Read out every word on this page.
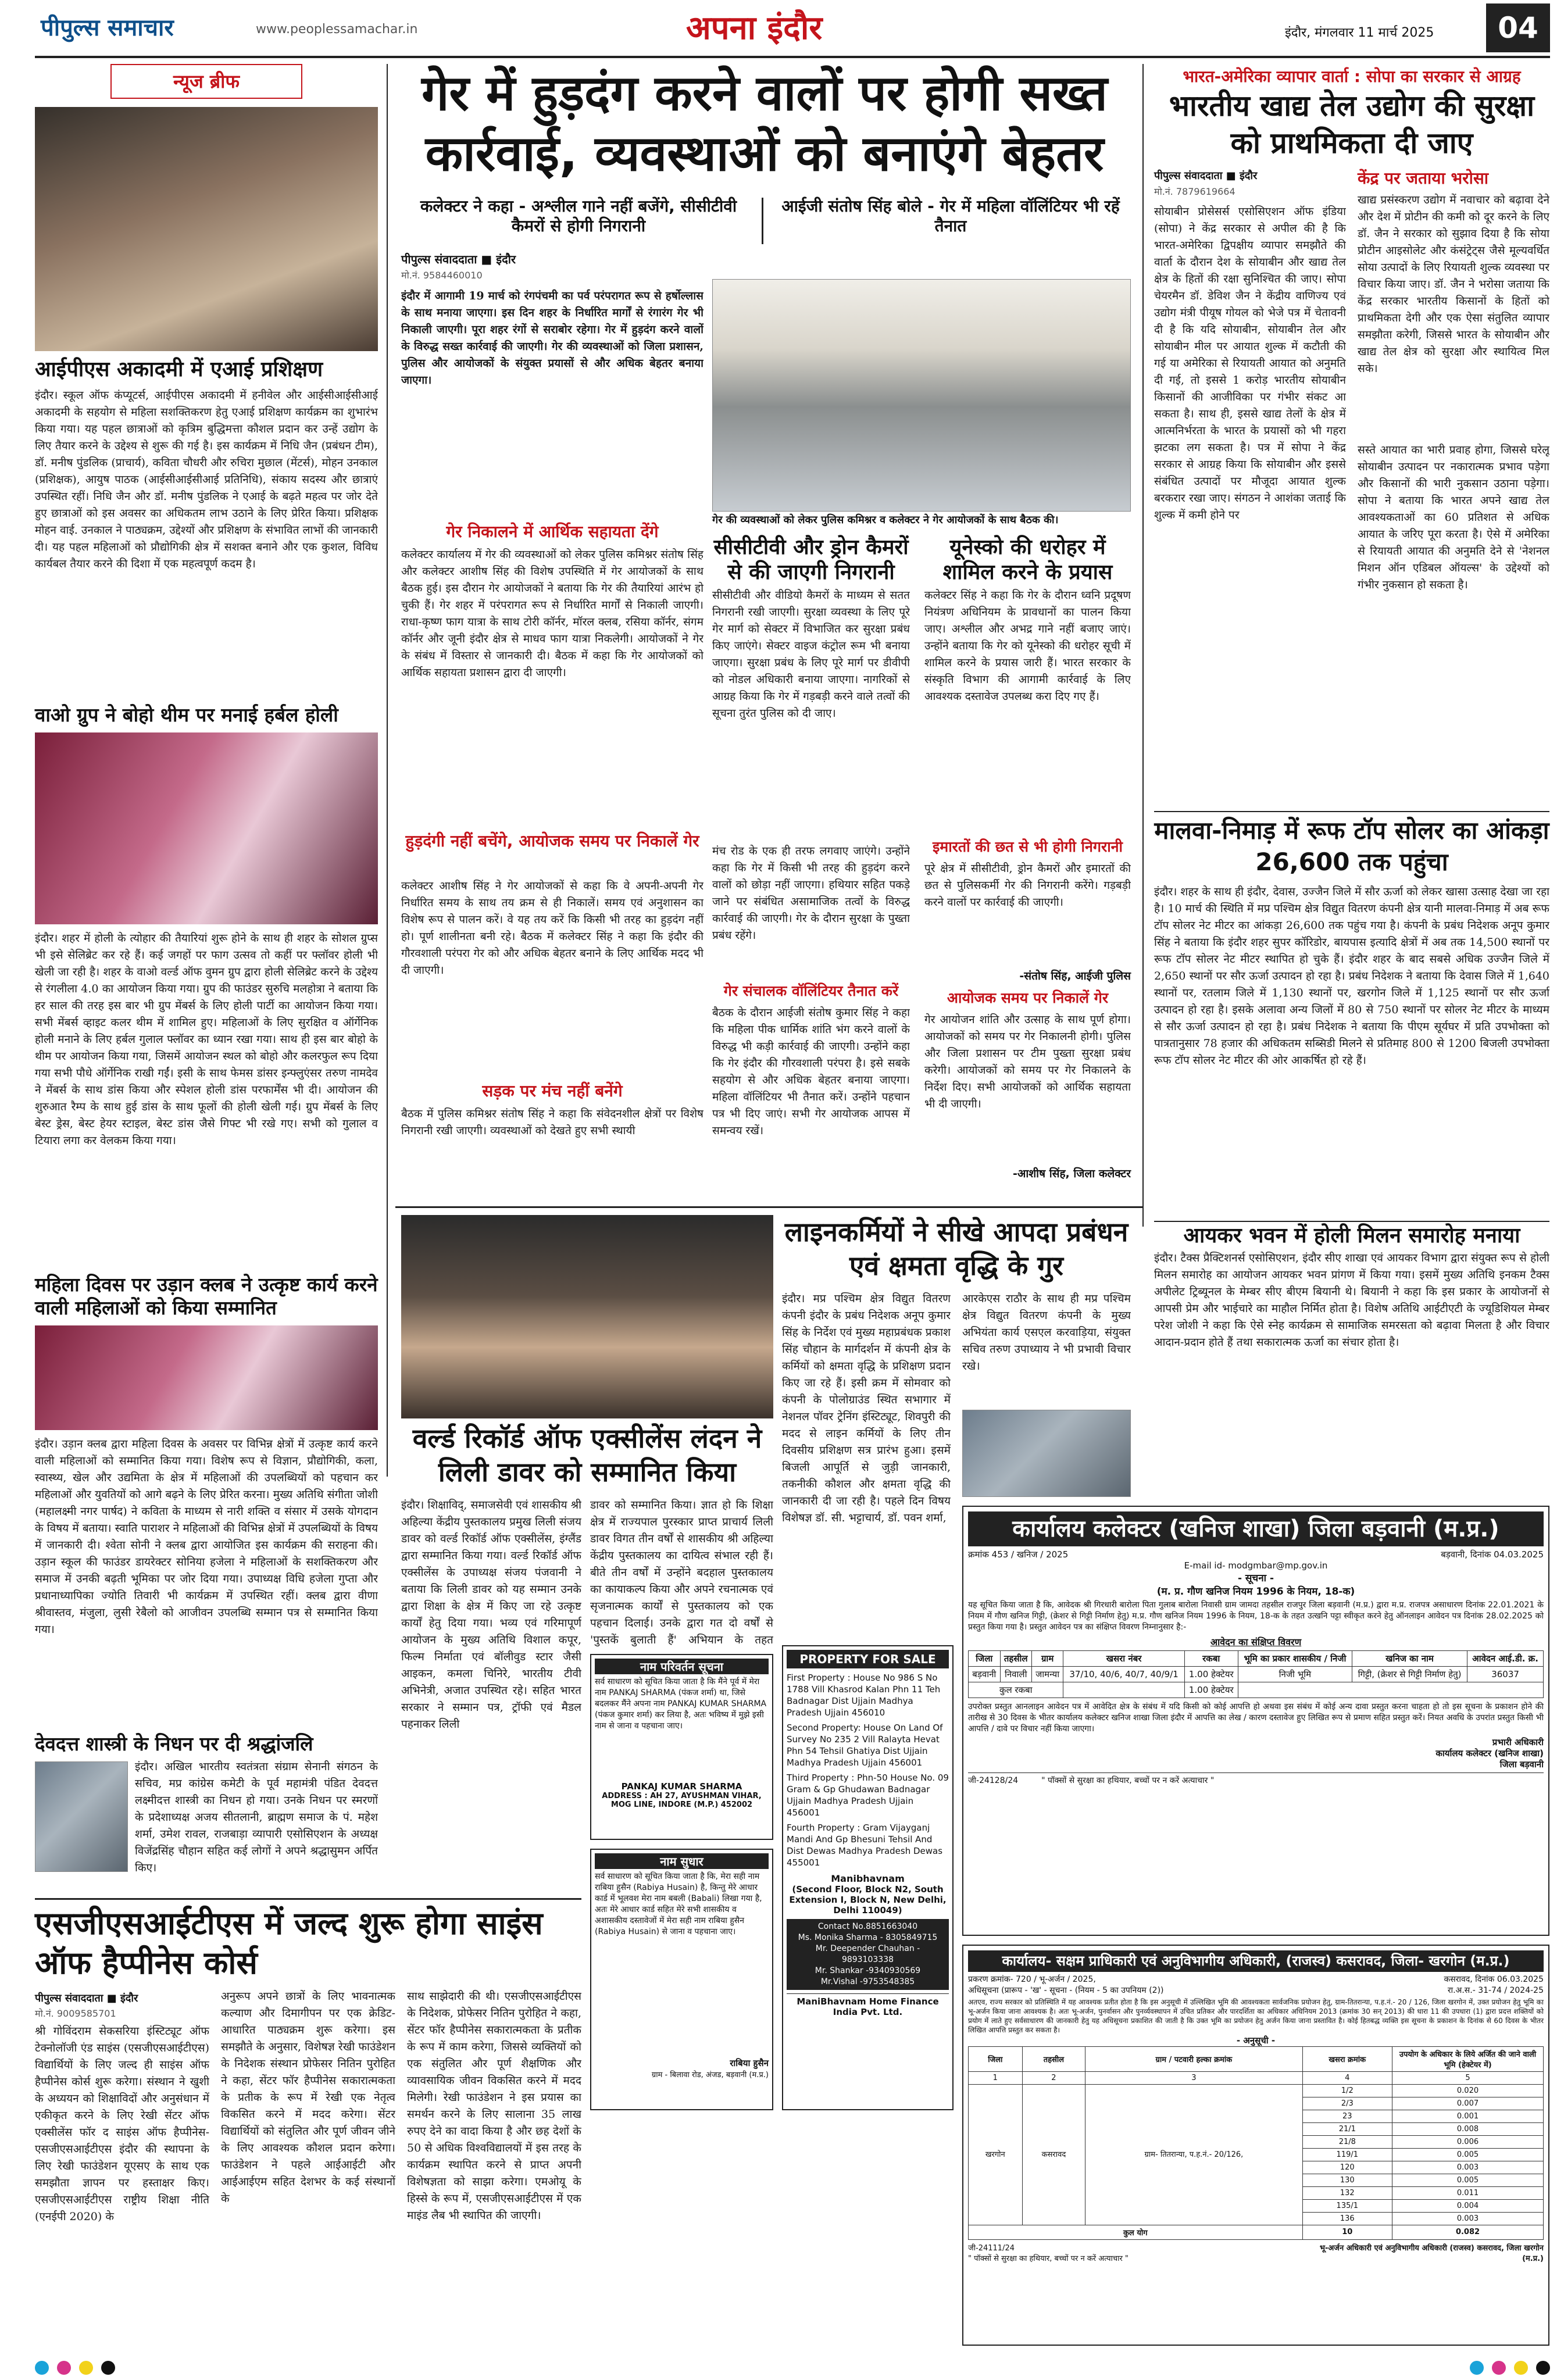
पीपुल्स समाचार	www.peoplessamachar.in	अपना इंदौर	इंदौर, मंगलवार 11 मार्च 2025	04
न्यूज ब्रीफ
आईपीएस अकादमी में एआई प्रशिक्षण
इंदौर। स्कूल ऑफ कंप्यूटर्स, आईपीएस अकादमी में हनीवेल और आईसीआईसीआई अकादमी के सहयोग से महिला सशक्तिकरण हेतु एआई प्रशिक्षण कार्यक्रम का शुभारंभ किया गया। यह पहल छात्राओं को कृत्रिम बुद्धिमत्ता कौशल प्रदान कर उन्हें उद्योग के लिए तैयार करने के उद्देश्य से शुरू की गई है। इस कार्यक्रम में निधि जैन (प्रबंधन टीम), डॉ. मनीष पुंडलिक (प्राचार्य), कविता चौधरी और रुचिरा मुछाल (मेंटर्स), मोहन उनकाल (प्रशिक्षक), आयुष पाठक (आईसीआईसीआई प्रतिनिधि), संकाय सदस्य और छात्राएं उपस्थित रहीं। निधि जैन और डॉ. मनीष पुंडलिक ने एआई के बढ़ते महत्व पर जोर देते हुए छात्राओं को इस अवसर का अधिकतम लाभ उठाने के लिए प्रेरित किया। प्रशिक्षक मोहन वाई. उनकाल ने पाठ्यक्रम, उद्देश्यों और प्रशिक्षण के संभावित लाभों की जानकारी दी। यह पहल महिलाओं को प्रौद्योगिकी क्षेत्र में सशक्त बनाने और एक कुशल, विविध कार्यबल तैयार करने की दिशा में एक महत्वपूर्ण कदम है।
वाओ ग्रुप ने बोहो थीम पर मनाई हर्बल होली
इंदौर। शहर में होली के त्योहार की तैयारियां शुरू होने के साथ ही शहर के सोशल ग्रुप्स भी इसे सेलिब्रेट कर रहे हैं। कई जगहों पर फाग उत्सव तो कहीं पर फ्लॉवर होली भी खेली जा रही है। शहर के वाओ वर्ल्ड ऑफ वुमन ग्रुप द्वारा होली सेलिब्रेट करने के उद्देश्य से रंगलीला 4.0 का आयोजन किया गया। ग्रुप की फाउंडर सुरुचि मलहोत्रा ने बताया कि हर साल की तरह इस बार भी ग्रुप मेंबर्स के लिए होली पार्टी का आयोजन किया गया। सभी मेंबर्स व्हाइट कलर थीम में शामिल हुए। महिलाओं के लिए सुरक्षित व ऑर्गेनिक होली मनाने के लिए हर्बल गुलाल फ्लॉवर का ध्यान रखा गया। साथ ही इस बार बोहो के थीम पर आयोजन किया गया, जिसमें आयोजन स्थल को बोहो और कलरफुल रूप दिया गया सभी पौधे ऑर्गेनिक राखी गईं। इसी के साथ फेमस डांसर इन्फ्लुएंसर तरुण नामदेव ने मेंबर्स के साथ डांस किया और स्पेशल होली डांस परफार्मेंस भी दी। आयोजन की शुरुआत रैम्प के साथ हुई डांस के साथ फूलों की होली खेली गई। ग्रुप मेंबर्स के लिए बेस्ट ड्रेस, बेस्ट हेयर स्टाइल, बेस्ट डांस जैसे गिफ्ट भी रखे गए। सभी को गुलाल व टियारा लगा कर वेलकम किया गया।
महिला दिवस पर उड़ान क्लब ने उत्कृष्ट कार्य करने वाली महिलाओं को किया सम्मानित
इंदौर। उड़ान क्लब द्वारा महिला दिवस के अवसर पर विभिन्न क्षेत्रों में उत्कृष्ट कार्य करने वाली महिलाओं को सम्मानित किया गया। विशेष रूप से विज्ञान, प्रौद्योगिकी, कला, स्वास्थ्य, खेल और उद्यमिता के क्षेत्र में महिलाओं की उपलब्धियों को पहचान कर महिलाओं और युवतियों को आगे बढ़ने के लिए प्रेरित करना। मुख्य अतिथि संगीता जोशी (महालक्ष्मी नगर पार्षद) ने कविता के माध्यम से नारी शक्ति व संसार में उसके योगदान के विषय में बताया। स्वाति पाराशर ने महिलाओं की विभिन्न क्षेत्रों में उपलब्धियों के विषय में जानकारी दी। श्वेता सोनी ने क्लब द्वारा आयोजित इस कार्यक्रम की सराहना की। उड़ान स्कूल की फाउंडर डायरेक्टर सोनिया हजेला ने महिलाओं के सशक्तिकरण और समाज में उनकी बढ़ती भूमिका पर जोर दिया गया। उपाध्यक्ष विधि हजेला गुप्ता और प्रधानाध्यापिका ज्योति तिवारी भी कार्यक्रम में उपस्थित रहीं। क्लब द्वारा वीणा श्रीवास्तव, मंजुला, लुसी रेबैलो को आजीवन उपलब्धि सम्मान पत्र से सम्मानित किया गया।
देवदत्त शास्त्री के निधन पर दी श्रद्धांजलि
इंदौर। अखिल भारतीय स्वतंत्रता संग्राम सेनानी संगठन के सचिव, मप्र कांग्रेस कमेटी के पूर्व महामंत्री पंडित देवदत्त लक्ष्मीदत्त शास्त्री का निधन हो गया। उनके निधन पर स्मरणों के प्रदेशाध्यक्ष अजय सीतलानी, ब्राह्मण समाज के पं. महेश शर्मा, उमेश रावल, राजबाड़ा व्यापारी एसोसिएशन के अध्यक्ष विजेंद्रसिंह चौहान सहित कई लोगों ने अपने श्रद्धासुमन अर्पित किए।
गेर में हुड़दंग करने वालों पर होगी सख्त कार्रवाई, व्यवस्थाओं को बनाएंगे बेहतर
कलेक्टर ने कहा - अश्लील गाने नहीं बजेंगे, सीसीटीवी कैमरों से होगी निगरानी
आईजी संतोष सिंह बोले - गेर में महिला वॉलिंटियर भी रहें तैनात
पीपुल्स संवाददाता ■ इंदौर
मो.नं. 9584460010
इंदौर में आगामी 19 मार्च को रंगपंचमी का पर्व परंपरागत रूप से हर्षोल्लास के साथ मनाया जाएगा। इस दिन शहर के निर्धारित मार्गों से रंगारंग गेर भी निकाली जाएगी। पूरा शहर रंगों से सराबोर रहेगा। गेर में हुड़दंग करने वालों के विरुद्ध सख्त कार्रवाई की जाएगी। गेर की व्यवस्थाओं को जिला प्रशासन, पुलिस और आयोजकों के संयुक्त प्रयासों से और अधिक बेहतर बनाया जाएगा।
गेर की व्यवस्थाओं को लेकर पुलिस कमिश्नर व कलेक्टर ने गेर आयोजकों के साथ बैठक की।
गेर निकालने में आर्थिक सहायता देंगे
कलेक्टर कार्यालय में गेर की व्यवस्थाओं को लेकर पुलिस कमिश्नर संतोष सिंह और कलेक्टर आशीष सिंह की विशेष उपस्थिति में गेर आयोजकों के साथ बैठक हुई। इस दौरान गेर आयोजकों ने बताया कि गेर की तैयारियां आरंभ हो चुकी हैं। गेर शहर में परंपरागत रूप से निर्धारित मार्गों से निकाली जाएगी। राधा-कृष्ण फाग यात्रा के साथ टोरी कॉर्नर, मॉरल क्लब, रसिया कॉर्नर, संगम कॉर्नर और जूनी इंदौर क्षेत्र से माधव फाग यात्रा निकलेगी। आयोजकों ने गेर के संबंध में विस्तार से जानकारी दी। बैठक में कहा कि गेर आयोजकों को आर्थिक सहायता प्रशासन द्वारा दी जाएगी।
हुड़दंगी नहीं बचेंगे, आयोजक समय पर निकालें गेर
कलेक्टर आशीष सिंह ने गेर आयोजकों से कहा कि वे अपनी-अपनी गेर निर्धारित समय के साथ तय क्रम से ही निकालें। समय एवं अनुशासन का विशेष रूप से पालन करें। वे यह तय करें कि किसी भी तरह का हुड़दंग नहीं हो। पूर्ण शालीनता बनी रहे। बैठक में कलेक्टर सिंह ने कहा कि इंदौर की गौरवशाली परंपरा गेर को और अधिक बेहतर बनाने के लिए आर्थिक मदद भी दी जाएगी।
सड़क पर मंच नहीं बनेंगे
बैठक में पुलिस कमिश्नर संतोष सिंह ने कहा कि संवेदनशील क्षेत्रों पर विशेष निगरानी रखी जाएगी। व्यवस्थाओं को देखते हुए सभी स्थायी
सीसीटीवी और ड्रोन कैमरों से की जाएगी निगरानी
सीसीटीवी और वीडियो कैमरों के माध्यम से सतत निगरानी रखी जाएगी। सुरक्षा व्यवस्था के लिए पूरे गेर मार्ग को सेक्टर में विभाजित कर सुरक्षा प्रबंध किए जाएंगे। सेक्टर वाइज कंट्रोल रूम भी बनाया जाएगा। सुरक्षा प्रबंध के लिए पूरे मार्ग पर डीवीपी को नोडल अधिकारी बनाया जाएगा। नागरिकों से आग्रह किया कि गेर में गड़बड़ी करने वाले तत्वों की सूचना तुरंत पुलिस को दी जाए।
मंच रोड के एक ही तरफ लगवाए जाएंगे। उन्होंने कहा कि गेर में किसी भी तरह की हुड़दंग करने वालों को छोड़ा नहीं जाएगा। हथियार सहित पकड़े जाने पर संबंधित असामाजिक तत्वों के विरुद्ध कार्रवाई की जाएगी। गेर के दौरान सुरक्षा के पुख्ता प्रबंध रहेंगे।
गेर संचालक वॉलिंटियर तैनात करें
बैठक के दौरान आईजी संतोष कुमार सिंह ने कहा कि महिला पीक धार्मिक शांति भंग करने वालों के विरुद्ध भी कड़ी कार्रवाई की जाएगी। उन्होंने कहा कि गेर इंदौर की गौरवशाली परंपरा है। इसे सबके सहयोग से और अधिक बेहतर बनाया जाएगा। महिला वॉलिंटियर भी तैनात करें। उन्होंने पहचान पत्र भी दिए जाएं। सभी गेर आयोजक आपस में समन्वय रखें।
यूनेस्को की धरोहर में शामिल करने के प्रयास
कलेक्टर सिंह ने कहा कि गेर के दौरान ध्वनि प्रदूषण नियंत्रण अधिनियम के प्रावधानों का पालन किया जाए। अश्लील और अभद्र गाने नहीं बजाए जाएं। उन्होंने बताया कि गेर को यूनेस्को की धरोहर सूची में शामिल करने के प्रयास जारी हैं। भारत सरकार के संस्कृति विभाग की आगामी कार्रवाई के लिए आवश्यक दस्तावेज उपलब्ध करा दिए गए हैं।
इमारतों की छत से भी होगी निगरानी
पूरे क्षेत्र में सीसीटीवी, ड्रोन कैमरों और इमारतों की छत से पुलिसकर्मी गेर की निगरानी करेंगे। गड़बड़ी करने वालों पर कार्रवाई की जाएगी।
-संतोष सिंह, आईजी पुलिस
आयोजक समय पर निकालें गेर
गेर आयोजन शांति और उत्साह के साथ पूर्ण होगा। आयोजकों को समय पर गेर निकालनी होगी। पुलिस और जिला प्रशासन पर टीम पुख्ता सुरक्षा प्रबंध करेगी। आयोजकों को समय पर गेर निकालने के निर्देश दिए। सभी आयोजकों को आर्थिक सहायता भी दी जाएगी।
-आशीष सिंह, जिला कलेक्टर
भारत-अमेरिका व्यापार वार्ता : सोपा का सरकार से आग्रह
भारतीय खाद्य तेल उद्योग की सुरक्षा को प्राथमिकता दी जाए
पीपुल्स संवाददाता ■ इंदौर
मो.नं. 7879619664
सोयाबीन प्रोसेसर्स एसोसिएशन ऑफ इंडिया (सोपा) ने केंद्र सरकार से अपील की है कि भारत-अमेरिका द्विपक्षीय व्यापार समझौते की वार्ता के दौरान देश के सोयाबीन और खाद्य तेल क्षेत्र के हितों की रक्षा सुनिश्चित की जाए। सोपा चेयरमैन डॉ. डेविश जैन ने केंद्रीय वाणिज्य एवं उद्योग मंत्री पीयूष गोयल को भेजे पत्र में चेतावनी दी है कि यदि सोयाबीन, सोयाबीन तेल और सोयाबीन मील पर आयात शुल्क में कटौती की गई या अमेरिका से रियायती आयात को अनुमति दी गई, तो इससे 1 करोड़ भारतीय सोयाबीन किसानों की आजीविका पर गंभीर संकट आ सकता है। साथ ही, इससे खाद्य तेलों के क्षेत्र में आत्मनिर्भरता के भारत के प्रयासों को भी गहरा झटका लग सकता है। पत्र में सोपा ने केंद्र सरकार से आग्रह किया कि सोयाबीन और इससे संबंधित उत्पादों पर मौजूदा आयात शुल्क बरकरार रखा जाए। संगठन ने आशंका जताई कि शुल्क में कमी होने पर
केंद्र पर जताया भरोसा
खाद्य प्रसंस्करण उद्योग में नवाचार को बढ़ावा देने और देश में प्रोटीन की कमी को दूर करने के लिए डॉ. जैन ने सरकार को सुझाव दिया है कि सोया प्रोटीन आइसोलेट और कंसंट्रेट्स जैसे मूल्यवर्धित सोया उत्पादों के लिए रियायती शुल्क व्यवस्था पर विचार किया जाए। डॉ. जैन ने भरोसा जताया कि केंद्र सरकार भारतीय किसानों के हितों को प्राथमिकता देगी और एक ऐसा संतुलित व्यापार समझौता करेगी, जिससे भारत के सोयाबीन और खाद्य तेल क्षेत्र को सुरक्षा और स्थायित्व मिल सके।
सस्ते आयात का भारी प्रवाह होगा, जिससे घरेलू सोयाबीन उत्पादन पर नकारात्मक प्रभाव पड़ेगा और किसानों की भारी नुकसान उठाना पड़ेगा। सोपा ने बताया कि भारत अपने खाद्य तेल आवश्यकताओं का 60 प्रतिशत से अधिक आयात के जरिए पूरा करता है। ऐसे में अमेरिका से रियायती आयात की अनुमति देने से 'नेशनल मिशन ऑन एडिबल ऑयल्स' के उद्देश्यों को गंभीर नुकसान हो सकता है।
मालवा-निमाड़ में रूफ टॉप सोलर का आंकड़ा 26,600 तक पहुंचा
इंदौर। शहर के साथ ही इंदौर, देवास, उज्जैन जिले में सौर ऊर्जा को लेकर खासा उत्साह देखा जा रहा है। 10 मार्च की स्थिति में मप्र पश्चिम क्षेत्र विद्युत वितरण कंपनी क्षेत्र यानी मालवा-निमाड़ में अब रूफ टॉप सोलर नेट मीटर का आंकड़ा 26,600 तक पहुंच गया है। कंपनी के प्रबंध निदेशक अनूप कुमार सिंह ने बताया कि इंदौर शहर सुपर कॉरिडोर, बायपास इत्यादि क्षेत्रों में अब तक 14,500 स्थानों पर रूफ टॉप सोलर नेट मीटर स्थापित हो चुके हैं। इंदौर शहर के बाद सबसे अधिक उज्जैन जिले में 2,650 स्थानों पर सौर ऊर्जा उत्पादन हो रहा है। प्रबंध निदेशक ने बताया कि देवास जिले में 1,640 स्थानों पर, रतलाम जिले में 1,130 स्थानों पर, खरगोन जिले में 1,125 स्थानों पर सौर ऊर्जा उत्पादन हो रहा है। इसके अलावा अन्य जिलों में 80 से 750 स्थानों पर सोलर नेट मीटर के माध्यम से सौर ऊर्जा उत्पादन हो रहा है। प्रबंध निदेशक ने बताया कि पीएम सूर्यघर में प्रति उपभोक्ता को पात्रतानुसार 78 हजार की अधिकतम सब्सिडी मिलने से प्रतिमाह 800 से 1200 बिजली उपभोक्ता रूफ टॉप सोलर नेट मीटर की ओर आकर्षित हो रहे हैं।
आयकर भवन में होली मिलन समारोह मनाया
इंदौर। टैक्स प्रैक्टिशनर्स एसोसिएशन, इंदौर सीए शाखा एवं आयकर विभाग द्वारा संयुक्त रूप से होली मिलन समारोह का आयोजन आयकर भवन प्रांगण में किया गया। इसमें मुख्य अतिथि इनकम टैक्स अपीलेट ट्रिब्यूनल के मेम्बर सीए बीएम बियानी थे। बियानी ने कहा कि इस प्रकार के आयोजनों से आपसी प्रेम और भाईचारे का माहौल निर्मित होता है। विशेष अतिथि आईटीएटी के ज्यूडिशियल मेम्बर परेश जोशी ने कहा कि ऐसे स्नेह कार्यक्रम से सामाजिक समरसता को बढ़ावा मिलता है और विचार आदान-प्रदान होते हैं तथा सकारात्मक ऊर्जा का संचार होता है।
लाइनकर्मियों ने सीखे आपदा प्रबंधन एवं क्षमता वृद्धि के गुर
इंदौर। मप्र पश्चिम क्षेत्र विद्युत वितरण कंपनी इंदौर के प्रबंध निदेशक अनूप कुमार सिंह के निर्देश एवं मुख्य महाप्रबंधक प्रकाश सिंह चौहान के मार्गदर्शन में कंपनी क्षेत्र के कर्मियों को क्षमता वृद्धि के प्रशिक्षण प्रदान किए जा रहे हैं। इसी क्रम में सोमवार को कंपनी के पोलोग्राउंड स्थित सभागार में नेशनल पॉवर ट्रेनिंग इंस्टिट्यूट, शिवपुरी की मदद से लाइन कर्मियों के लिए तीन दिवसीय प्रशिक्षण सत्र प्रारंभ हुआ। इसमें बिजली आपूर्ति से जुड़ी जानकारी, तकनीकी कौशल और क्षमता वृद्धि की जानकारी दी जा रही है। पहले दिन विषय विशेषज्ञ डॉ. सी. भट्टाचार्य, डॉ. पवन शर्मा,
आरकेएस राठौर के साथ ही मप्र पश्चिम क्षेत्र विद्युत वितरण कंपनी के मुख्य अभियंता कार्य एसएल करवाड़िया, संयुक्त सचिव तरुण उपाध्याय ने भी प्रभावी विचार रखे।
वर्ल्ड रिकॉर्ड ऑफ एक्सीलेंस लंदन ने लिली डावर को सम्मानित किया
इंदौर। शिक्षाविद्, समाजसेवी एवं शासकीय श्री अहिल्या केंद्रीय पुस्तकालय प्रमुख लिली संजय डावर को वर्ल्ड रिकॉर्ड ऑफ एक्सीलेंस, इंग्लैंड द्वारा सम्मानित किया गया। वर्ल्ड रिकॉर्ड ऑफ एक्सीलेंस के उपाध्यक्ष संजय पंजवानी ने बताया कि लिली डावर को यह सम्मान उनके द्वारा शिक्षा के क्षेत्र में किए जा रहे उत्कृष्ट कार्यों हेतु दिया गया। भव्य एवं गरिमापूर्ण आयोजन के मुख्य अतिथि विशाल कपूर, फिल्म निर्माता एवं बॉलीवुड स्टार जैसी आइकन, कमला चिनिरे, भारतीय टीवी अभिनेत्री, अजात उपस्थित रहे। सहित भारत सरकार ने सम्मान पत्र, ट्रॉफी एवं मैडल पहनाकर लिली
डावर को सम्मानित किया। ज्ञात हो कि शिक्षा क्षेत्र में राज्यपाल पुरस्कार प्राप्त प्राचार्य लिली डावर विगत तीन वर्षों से शासकीय श्री अहिल्या केंद्रीय पुस्तकालय का दायित्व संभाल रही हैं। बीते तीन वर्षों में उन्होंने बदहाल पुस्तकालय का कायाकल्प किया और अपने रचनात्मक एवं सृजनात्मक कार्यों से पुस्तकालय को एक पहचान दिलाई। उनके द्वारा गत दो वर्षों से 'पुस्तकें बुलाती हैं' अभियान के तहत
PROPERTY FOR SALE
First Property : House No 986 S No 1788 Vill Khasrod Kalan Phn 11 Teh Badnagar Dist Ujjain Madhya Pradesh Ujjain 456010
Second Property: House On Land Of Survey No 235 2 Vill Ralayta Hevat Phn 54 Tehsil Ghatiya Dist Ujjain Madhya Pradesh Ujjain 456001
Third Property : Phn-50 House No. 09 Gram & Gp Ghudawan Badnagar Ujjain Madhya Pradesh Ujjain 456001
Fourth Property : Gram Vijayganj Mandi And Gp Bhesuni Tehsil And Dist Dewas Madhya Pradesh Dewas 455001
Manibhavnam
(Second Floor, Block N2, South Extension I, Block N, New Delhi, Delhi 110049)
Contact No.8851663040
Ms. Monika Sharma - 8305849715
Mr. Deepender Chauhan - 9893103338
Mr. Shankar -9340930569
Mr.Vishal -9753548385
ManiBhavnam Home Finance India Pvt. Ltd.
नाम परिवर्तन सूचना
सर्व साधारण को सूचित किया जाता है कि मैंने पूर्व में मेरा नाम PANKAJ SHARMA (पंकज शर्मा) था, जिसे बदलकर मैंने अपना नाम PANKAJ KUMAR SHARMA (पंकज कुमार शर्मा) कर लिया है, अतः भविष्य में मुझे इसी नाम से जाना व पहचाना जाए।
PANKAJ KUMAR SHARMA
ADDRESS : AH 27, AYUSHMAN VIHAR, MOG LINE, INDORE (M.P.) 452002
नाम सुधार
सर्व साधारण को सूचित किया जाता है कि, मेरा सही नाम राबिया हुसैन (Rabiya Husain) है, किन्तु मेरे आधार कार्ड में भूलवश मेरा नाम बबली (Babali) लिखा गया है, अतः मेरे आधार कार्ड सहित मेरे सभी शासकीय व अशासकीय दस्तावेजों में मेरा सही नाम राबिया हुसैन (Rabiya Husain) से जाना व पहचाना जाए।
राबिया हुसैन
ग्राम - बिलावा रोड, अंजड, बड़वानी (म.प्र.)
एसजीएसआईटीएस में जल्द शुरू होगा साइंस ऑफ हैप्पीनेस कोर्स
पीपुल्स संवाददाता ■ इंदौर
मो.नं. 9009585701
श्री गोविंदराम सेकसरिया इंस्टिट्यूट ऑफ टेक्नोलॉजी एंड साइंस (एसजीएसआईटीएस) विद्यार्थियों के लिए जल्द ही साइंस ऑफ हैप्पीनेस कोर्स शुरू करेगा। संस्थान ने खुशी के अध्ययन को शिक्षाविदों और अनुसंधान में एकीकृत करने के लिए रेखी सेंटर ऑफ एक्सीलेंस फॉर द साइंस ऑफ हैप्पीनेस-एसजीएसआईटीएस इंदौर की स्थापना के लिए रेखी फाउंडेशन यूएसए के साथ एक समझौता ज्ञापन पर हस्ताक्षर किए। एसजीएसआईटीएस राष्ट्रीय शिक्षा नीति (एनईपी 2020) के
अनुरूप अपने छात्रों के लिए भावनात्मक कल्याण और दिमागीपन पर एक क्रेडिट-आधारित पाठ्यक्रम शुरू करेगा। इस समझौते के अनुसार, विशेषज्ञ रेखी फाउंडेशन के निदेशक संस्थान प्रोफेसर नितिन पुरोहित ने कहा, सेंटर फॉर हैप्पीनेस सकारात्मकता के प्रतीक के रूप में रेखी एक नेतृत्व विकसित करने में मदद करेगा। सेंटर विद्यार्थियों को संतुलित और पूर्ण जीवन जीने के लिए आवश्यक कौशल प्रदान करेगा। फाउंडेशन ने पहले आईआईटी और आईआईएम सहित देशभर के कई संस्थानों के
साथ साझेदारी की थी। एसजीएसआईटीएस के निदेशक, प्रोफेसर नितिन पुरोहित ने कहा, सेंटर फॉर हैप्पीनेस सकारात्मकता के प्रतीक के रूप में काम करेगा, जिससे व्यक्तियों को एक संतुलित और पूर्ण शैक्षणिक और व्यावसायिक जीवन विकसित करने में मदद मिलेगी। रेखी फाउंडेशन ने इस प्रयास का समर्थन करने के लिए सालाना 35 लाख रुपए देने का वादा किया है और छह देशों के 50 से अधिक विश्वविद्यालयों में इस तरह के कार्यक्रम स्थापित करने से प्राप्त अपनी विशेषज्ञता को साझा करेगा। एमओयू के हिस्से के रूप में, एसजीएसआईटीएस में एक माइंड लैब भी स्थापित की जाएगी।
कार्यालय कलेक्टर (खनिज शाखा) जिला बड़वानी (म.प्र.)
क्रमांक 453 / खनिज / 2025	बड़वानी, दिनांक 04.03.2025
E-mail id- modgmbar@mp.gov.in
- सूचना -
(म. प्र. गौण खनिज नियम 1996 के नियम, 18-क)
यह सूचित किया जाता है कि, आवेदक श्री गिरधारी बारोला पिता गुलाब बारोला निवासी ग्राम जामदा तहसील राजपुर जिला बड़वानी (म.प्र.) द्वारा म.प्र. राजपत्र असाधारण दिनांक 22.01.2021 के नियम में गौण खनिज गिट्टी, (क्रेशर से गिट्टी निर्माण हेतु) म.प्र. गौण खनिज नियम 1996 के नियम, 18-क के तहत उत्खनि पट्टा स्वीकृत करने हेतु ऑनलाइन आवेदन पत्र दिनांक 28.02.2025 को प्रस्तुत किया गया है। प्रस्तुत आवेदन पत्र का संक्षिप्त विवरण निम्नानुसार है:-
आवेदन का संक्षिप्त विवरण
जिला	तहसील	ग्राम	खसरा नंबर	रकबा	भूमि का प्रकार शासकीय / निजी	खनिज का नाम	आवेदन आई.डी. क्र.
बड़वानी	निवाली	जामन्या	37/10, 40/6, 40/7, 40/9/1	1.00 हेक्टेयर	निजी भूमि	गिट्टी, (क्रेशर से गिट्टी निर्माण हेतु)	36037
कुल रकबा				1.00 हेक्टेयर			
उपरोक्त प्रस्तुत आनलाइन आवेदन पत्र में आवेदित क्षेत्र के संबंध में यदि किसी को कोई आपत्ति हो अथवा इस संबंध में कोई अन्य दावा प्रस्तुत करना चाहता हो तो इस सूचना के प्रकाशन होने की तारीख से 30 दिवस के भीतर कार्यालय कलेक्टर खनिज शाखा जिला इंदौर में आपत्ति का लेख / कारण दस्तावेज हुए लिखित रूप से प्रमाण सहित प्रस्तुत करें। नियत अवधि के उपरांत प्रस्तुत किसी भी आपत्ति / दावे पर विचार नहीं किया जाएगा।
प्रभारी अधिकारी
कार्यालय कलेक्टर (खनिज शाखा)
जिला बड़वानी
जी-24128/24	" पॉक्सों से सुरक्षा का हथियार, बच्चों पर न करें अत्याचार "
कार्यालय- सक्षम प्राधिकारी एवं अनुविभागीय अधिकारी, (राजस्व) कसरावद, जिला- खरगोन (म.प्र.)
प्रकरण क्रमांक- 720 / भू-अर्जन / 2025,	कसरावद, दिनांक 06.03.2025
अधिसूचना (प्रारूप - 'ख' - सूचना - (नियम - 5 का उपनियम (2))	रा.अ.स.- 31-74 / 2024-25
अतएव, राज्य सरकार को प्रतिस्थिति में यह आवश्यक प्रतीत होता है कि इस अनुसूची में उल्लिखित भूमि की आवश्यकता सार्वजनिक प्रयोजन हेतु, ग्राम-तितरान्या, प.ह.नं.- 20 / 126, जिला खरगोन में, उक्त प्रयोजन हेतु भूमि का भू-अर्जन किया जाना आवश्यक है। अतः भू-अर्जन, पुनर्वासन और पुनर्व्यवस्थापन में उचित प्रतिकर और पारदर्शिता का अधिकार अधिनियम 2013 (क्रमांक 30 सन् 2013) की धारा 11 की उपधारा (1) द्वारा प्रदत्त शक्तियों को प्रयोग में लाते हुए सर्वसाधारण की जानकारी हेतु यह अधिसूचना प्रकाशित की जाती है कि उक्त भूमि का प्रयोजन हेतु अर्जन किया जाना प्रस्तावित है। कोई हितबद्ध व्यक्ति इस सूचना के प्रकाशन के दिनांक से 60 दिवस के भीतर लिखित आपत्ति प्रस्तुत कर सकता है।
- अनुसूची -
जिला	तहसील	ग्राम / पटवारी हल्का क्रमांक	खसरा क्रमांक	उपयोग के अधिकार के लिये अर्जित की जाने वाली भूमि (हेक्टेयर में)
1	2	3	4	5
खरगोन	कसरावद	ग्राम- तितरान्या, प.ह.नं.- 20/126,	1/2	0.020
			2/3	0.007
			23	0.001
			21/1	0.008
			21/8	0.006
			119/1	0.005
			120	0.003
			130	0.005
			132	0.011
			135/1	0.004
			136	0.003
कुल योग			10	0.082
जी-24111/24
" पॉक्सों से सुरक्षा का हथियार, बच्चों पर न करें अत्याचार "
भू-अर्जन अधिकारी एवं अनुविभागीय अधिकारी (राजस्व) कसरावद, जिला खरगोन (म.प्र.)
